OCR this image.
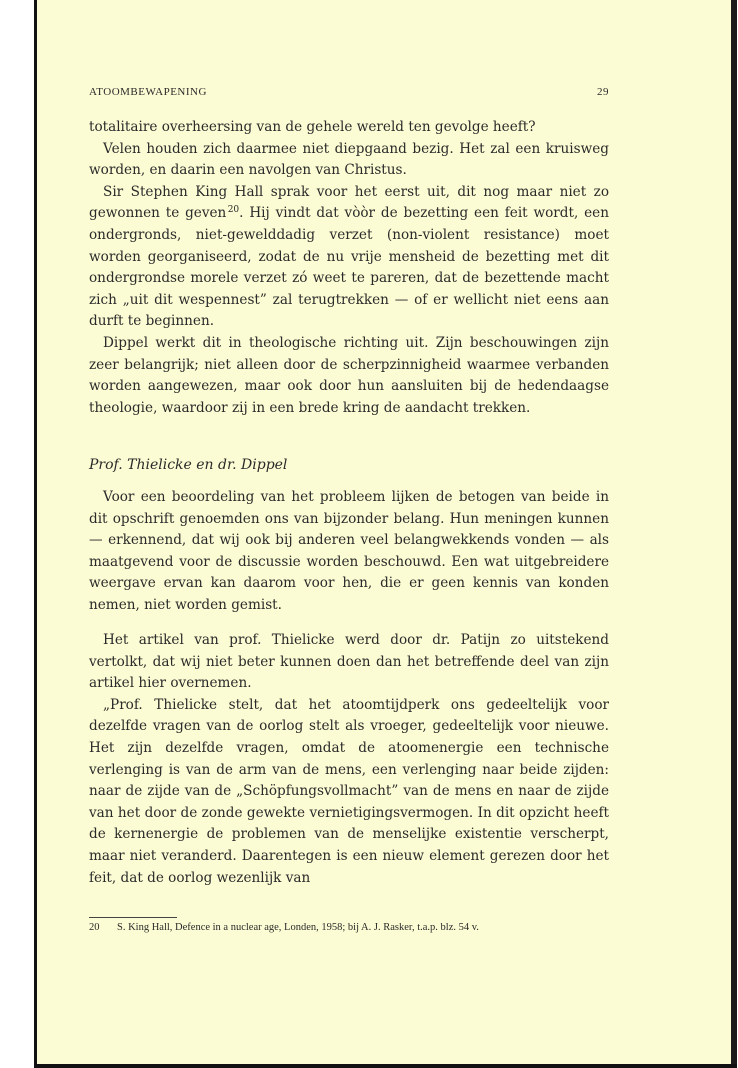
ATOOMBEWAPENING	29

totalitaire overheersing van de gehele wereld ten gevolge heeft?

Velen houden zich daarmee niet diepgaand bezig. Het zal een kruisweg worden, en daarin een navolgen van Christus.

Sir Stephen King Hall sprak voor het eerst uit, dit nog maar niet zo gewonnen te geven $^{20}$. Hij vindt dat vòòr de bezetting een feit wordt, een ondergronds, niet-gewelddadig verzet (non-violent resistance) moet worden georganiseerd, zodat de nu vrije mensheid de bezetting met dit ondergrondse morele verzet zó weet te pareren, dat de bezettende macht zich „uit dit wespennest” zal terugtrekken — of er wellicht niet eens aan durft te beginnen.

Dippel werkt dit in theologische richting uit. Zijn beschouwingen zijn zeer belangrijk; niet alleen door de scherpzinnigheid waarmee verbanden worden aangewezen, maar ook door hun aansluiten bij de hedendaagse theologie, waardoor zij in een brede kring de aandacht trekken.

Prof. Thielicke en dr. Dippel

Voor een beoordeling van het probleem lijken de betogen van beide in dit opschrift genoemden ons van bijzonder belang. Hun meningen kunnen — erkennend, dat wij ook bij anderen veel belangwekkends vonden — als maatgevend voor de discussie worden beschouwd. Een wat uitgebreidere weergave ervan kan daarom voor hen, die er geen kennis van konden nemen, niet worden gemist.

Het artikel van prof. Thielicke werd door dr. Patijn zo uitstekend vertolkt, dat wij niet beter kunnen doen dan het betreffende deel van zijn artikel hier overnemen.

„Prof. Thielicke stelt, dat het atoomtijdperk ons gedeeltelijk voor dezelfde vragen van de oorlog stelt als vroeger, gedeeltelijk voor nieuwe. Het zijn dezelfde vragen, omdat de atoomenergie een technische verlenging is van de arm van de mens, een verlenging naar beide zijden: naar de zijde van de „Schöpfungsvollmacht” van de mens en naar de zijde van het door de zonde gewekte vernietigingsvermogen. In dit opzicht heeft de kernenergie de problemen van de menselijke existentie verscherpt, maar niet veranderd. Daarentegen is een nieuw element gerezen door het feit, dat de oorlog wezenlijk van

20	S. King Hall, Defence in a nuclear age, Londen, 1958; bij A. J. Rasker, t.a.p. blz. 54 v.
